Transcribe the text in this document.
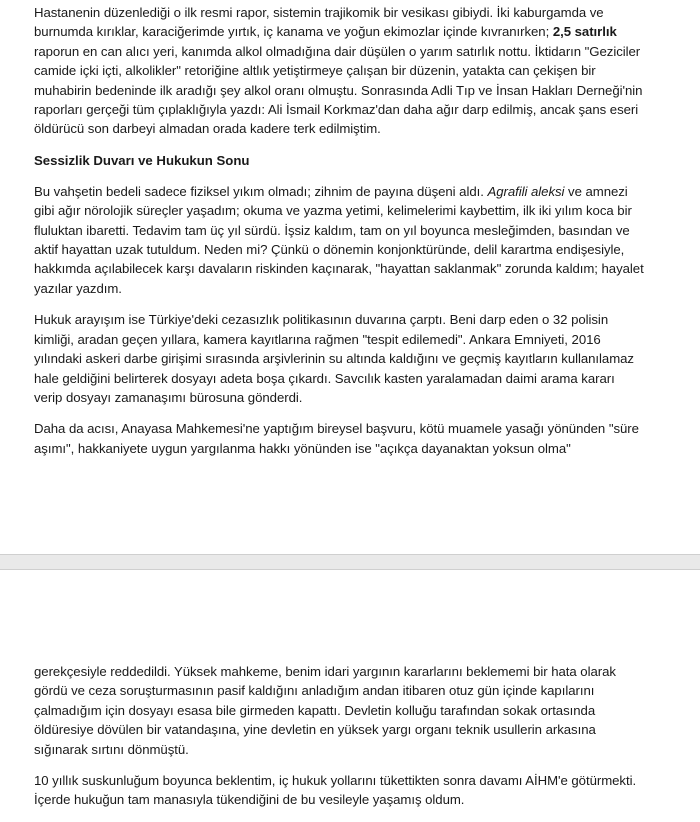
Hastanenin düzenlediği o ilk resmi rapor, sistemin trajikomik bir vesikası gibiydi. İki kaburgamda ve burnumda kırıklar, karaciğerimde yırtık, iç kanama ve yoğun ekimozlar içinde kıvranırken; 2,5 satırlık raporun en can alıcı yeri, kanımda alkol olmadığına dair düşülen o yarım satırlık nottu. İktidarın "Geziciler camide içki içti, alkolikler" retoriğine altlık yetiştirmeye çalışan bir düzenin, yatakta can çekişen bir muhabirin bedeninde ilk aradığı şey alkol oranı olmuştu. Sonrasında Adli Tıp ve İnsan Hakları Derneği'nin raporları gerçeği tüm çıplaklığıyla yazdı: Ali İsmail Korkmaz'dan daha ağır darp edilmiş, ancak şans eseri öldürücü son darbeyi almadan orada kadere terk edilmiştim.

Sessizlik Duvarı ve Hukukun Sonu

Bu vahşetin bedeli sadece fiziksel yıkım olmadı; zihnim de payına düşeni aldı. Agrafili aleksi ve amnezi gibi ağır nörolojik süreçler yaşadım; okuma ve yazma yetimi, kelimelerimi kaybettim, ilk iki yılım koca bir fluluktan ibaretti. Tedavim tam üç yıl sürdü. İşsiz kaldım, tam on yıl boyunca mesleğimden, basından ve aktif hayattan uzak tutuldum. Neden mi? Çünkü o dönemin konjonktüründe, delil karartma endişesiyle, hakkımda açılabilecek karşı davaların riskinden kaçınarak, "hayattan saklanmak" zorunda kaldım; hayalet yazılar yazdım.

Hukuk arayışım ise Türkiye'deki cezasızlık politikasının duvarına çarptı. Beni darp eden o 32 polisin kimliği, aradan geçen yıllara, kamera kayıtlarına rağmen "tespit edilemedi". Ankara Emniyeti, 2016 yılındaki askeri darbe girişimi sırasında arşivlerinin su altında kaldığını ve geçmiş kayıtların kullanılamaz hale geldiğini belirterek dosyayı adeta boşa çıkardı. Savcılık kasten yaralamadan daimi arama kararı verip dosyayı zamanaşımı bürosuna gönderdi.

Daha da acısı, Anayasa Mahkemesi'ne yaptığım bireysel başvuru, kötü muamele yasağı yönünden "süre aşımı", hakkaniyete uygun yargılanma hakkı yönünden ise "açıkça dayanaktan yoksun olma"

gerekçesiyle reddedildi. Yüksek mahkeme, benim idari yargının kararlarını beklememi bir hata olarak gördü ve ceza soruşturmasının pasif kaldığını anladığım andan itibaren otuz gün içinde kapılarını çalmadığım için dosyayı esasa bile girmeden kapattı. Devletin kolluğu tarafından sokak ortasında öldüresiye dövülen bir vatandaşına, yine devletin en yüksek yargı organı teknik usullerin arkasına sığınarak sırtını dönmüştü.

10 yıllık suskunluğum boyunca beklentim, iç hukuk yollarını tükettikten sonra davamı AİHM'e götürmekti. İçerde hukuğun tam manasıyla tükendiğini de bu vesileyle yaşamış oldum.
